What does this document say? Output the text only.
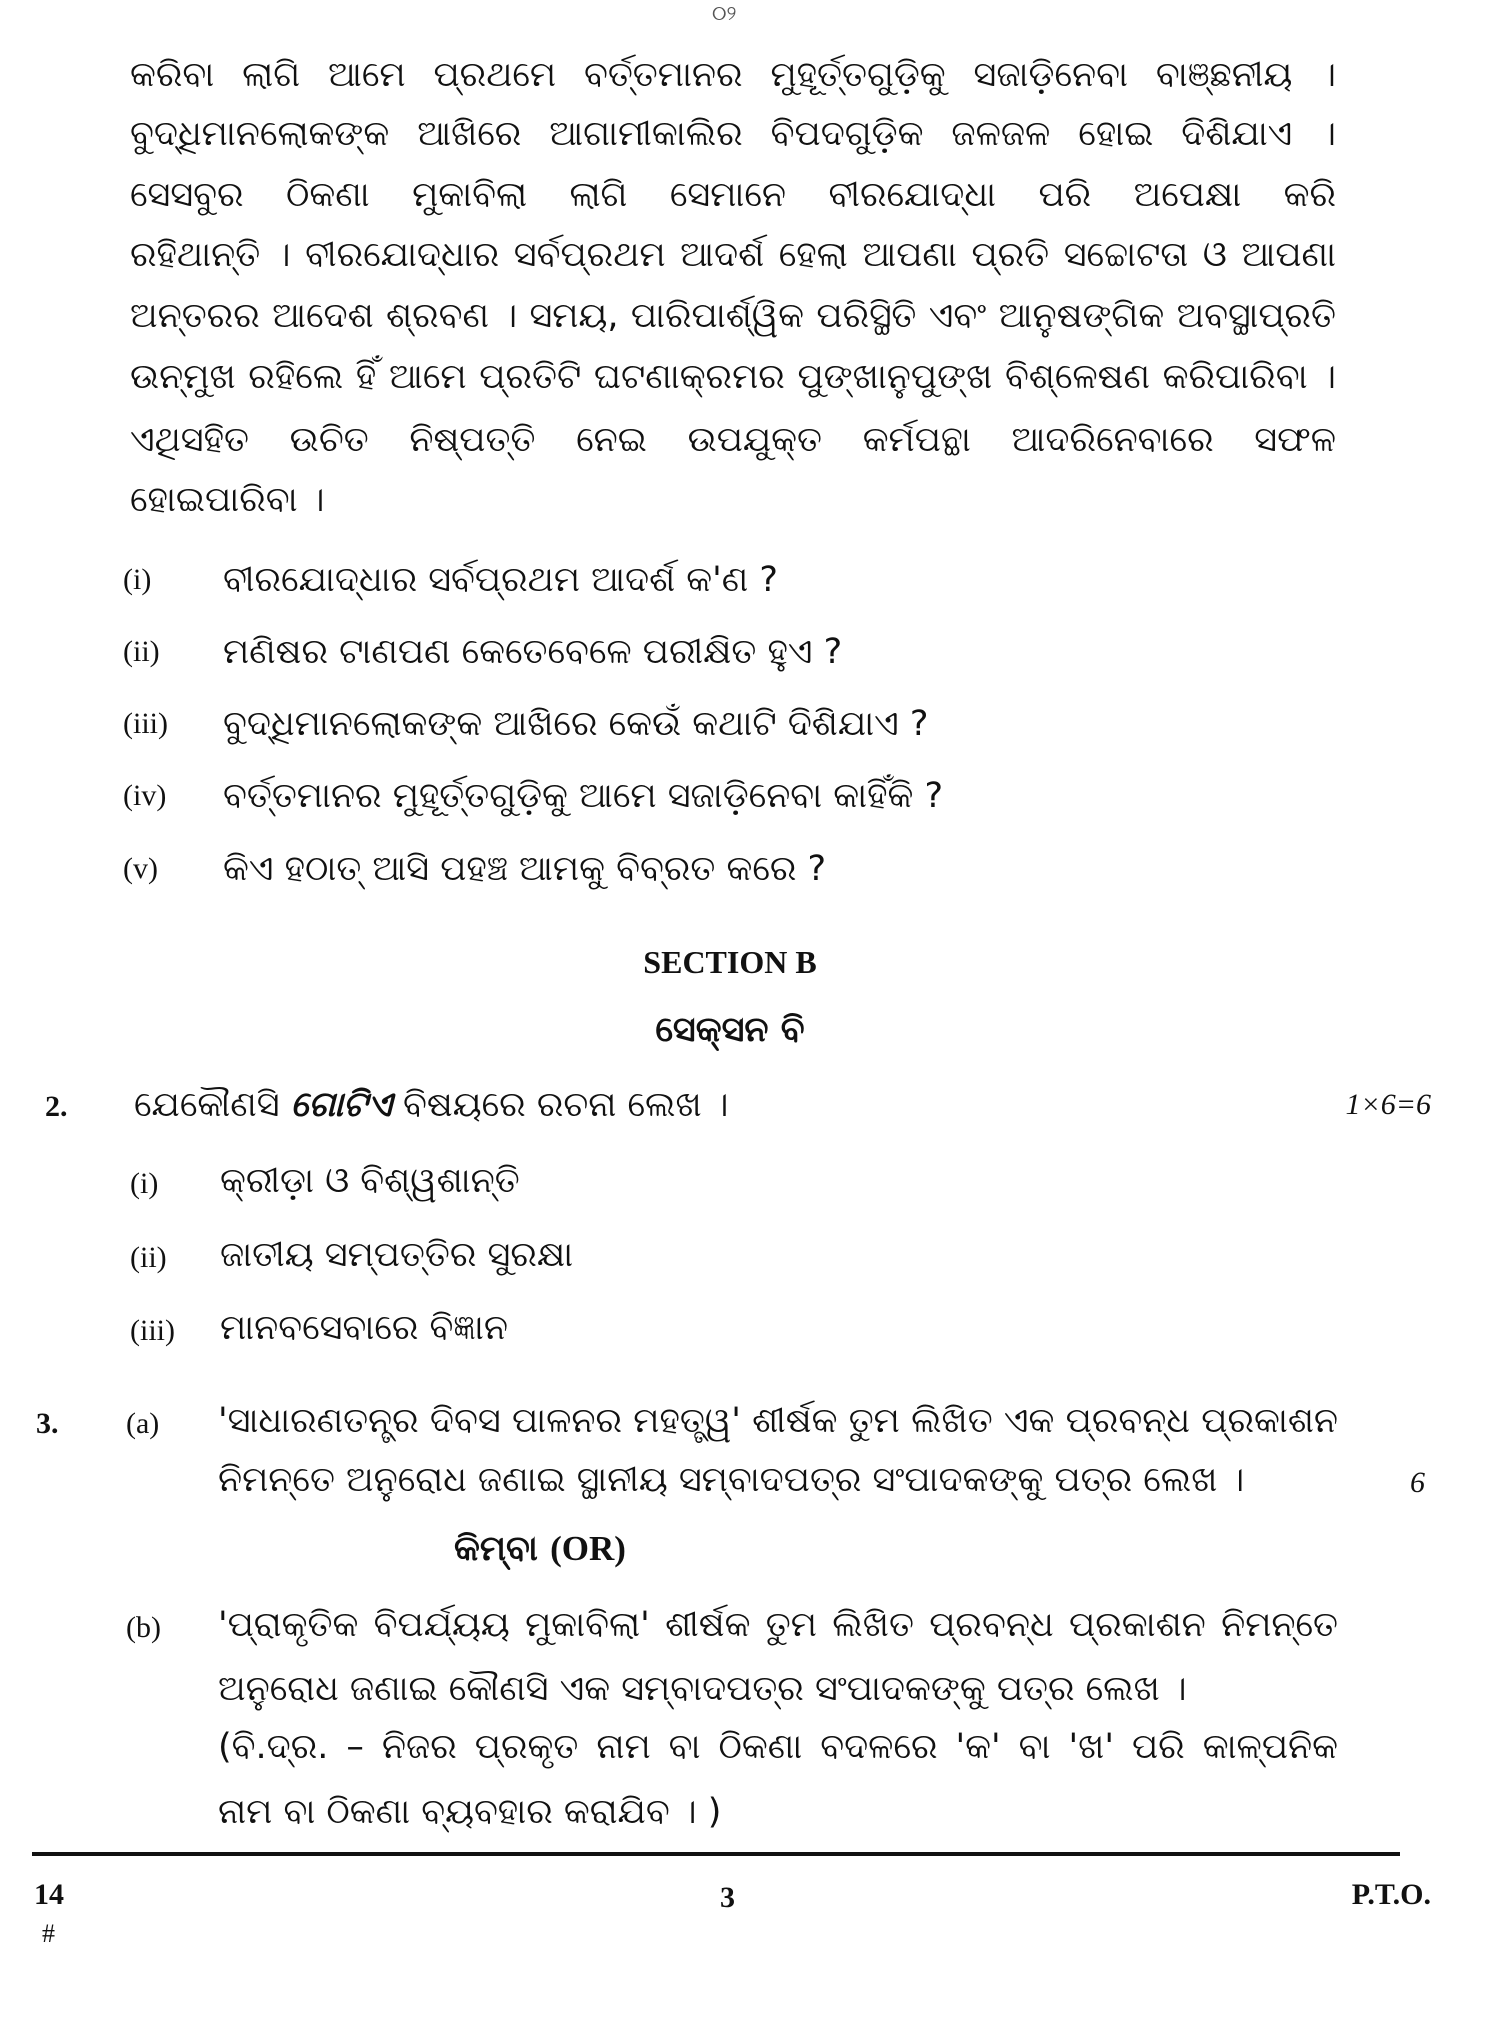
୦୨
କରିବା ଲାଗି ଆମେ ପ୍ରଥମେ ବର୍ତ୍ତମାନର ମୁହୂର୍ତ୍ତଗୁଡ଼ିକୁ ସଜାଡ଼ିନେବା ବାଞ୍ଛନୀୟ ।
ବୁଦ୍ଧିମାନଲୋକଙ୍କ ଆଖିରେ ଆଗାମୀକାଲିର ବିପଦଗୁଡ଼ିକ ଜଳଜଳ ହୋଇ ଦିଶିଯାଏ ।
ସେସବୁର ଠିକଣା ମୁକାବିଲା ଲାଗି ସେମାନେ ବୀରଯୋଦ୍ଧା ପରି ଅପେକ୍ଷା କରି
ରହିଥାନ୍ତି । ବୀରଯୋଦ୍ଧାର ସର୍ବପ୍ରଥମ ଆଦର୍ଶ ହେଲା ଆପଣା ପ୍ରତି ସଚ୍ଚୋଟତା ଓ ଆପଣା
ଅନ୍ତରର ଆଦେଶ ଶ୍ରବଣ । ସମୟ, ପାରିପାର୍ଶ୍ୱିକ ପରିସ୍ଥିତି ଏବଂ ଆନୁଷଙ୍ଗିକ ଅବସ୍ଥାପ୍ରତି
ଉନ୍ମୁଖ ରହିଲେ ହିଁ ଆମେ ପ୍ରତିଟି ଘଟଣାକ୍ରମର ପୁଙ୍ଖାନୁପୁଙ୍ଖ ବିଶ୍ଳେଷଣ କରିପାରିବା ।
ଏଥିସହିତ ଉଚିତ ନିଷ୍ପତ୍ତି ନେଇ ଉପଯୁକ୍ତ କର୍ମପନ୍ଥା ଆଦରିନେବାରେ ସଫଳ
ହୋଇପାରିବା ।
(i) ବୀରଯୋଦ୍ଧାର ସର୍ବପ୍ରଥମ ଆଦର୍ଶ କ'ଣ ?
(ii) ମଣିଷର ଟାଣପଣ କେତେବେଳେ ପରୀକ୍ଷିତ ହୁଏ ?
(iii) ବୁଦ୍ଧିମାନଲୋକଙ୍କ ଆଖିରେ କେଉଁ କଥାଟି ଦିଶିଯାଏ ?
(iv) ବର୍ତ୍ତମାନର ମୁହୂର୍ତ୍ତଗୁଡ଼ିକୁ ଆମେ ସଜାଡ଼ିନେବା କାହିଁକି ?
(v) କିଏ ହଠାତ୍ ଆସି ପହଞ୍ଚ ଆମକୁ ବିବ୍ରତ କରେ ?
SECTION B
ସେକ୍ସନ ବି
2. ଯେକୌଣସି ଗୋଟିଏ ବିଷୟରେ ରଚନା ଲେଖ ।	1×6=6
(i) କ୍ରୀଡ଼ା ଓ ବିଶ୍ୱଶାନ୍ତି
(ii) ଜାତୀୟ ସମ୍ପତ୍ତିର ସୁରକ୍ଷା
(iii) ମାନବସେବାରେ ବିଜ୍ଞାନ
3. (a) 'ସାଧାରଣତନ୍ତ୍ର ଦିବସ ପାଳନର ମହତ୍ତ୍ୱ' ଶୀର୍ଷକ ତୁମ ଲିଖିତ ଏକ ପ୍ରବନ୍ଧ ପ୍ରକାଶନ
ନିମନ୍ତେ ଅନୁରୋଧ ଜଣାଇ ସ୍ଥାନୀୟ ସମ୍ବାଦପତ୍ର ସଂପାଦକଙ୍କୁ ପତ୍ର ଲେଖ ।	6
କିମ୍ବା (OR)
(b) 'ପ୍ରାକୃତିକ ବିପର୍ଯ୍ୟୟ ମୁକାବିଲା' ଶୀର୍ଷକ ତୁମ ଲିଖିତ ପ୍ରବନ୍ଧ ପ୍ରକାଶନ ନିମନ୍ତେ
ଅନୁରୋଧ ଜଣାଇ କୌଣସି ଏକ ସମ୍ବାଦପତ୍ର ସଂପାଦକଙ୍କୁ ପତ୍ର ଲେଖ ।
(ବି.ଦ୍ର. – ନିଜର ପ୍ରକୃତ ନାମ ବା ଠିକଣା ବଦଳରେ 'କ' ବା 'ଖ' ପରି କାଳ୍ପନିକ
ନାମ ବା ଠିକଣା ବ୍ୟବହାର କରାଯିବ । )
14	3	P.T.O.
#
